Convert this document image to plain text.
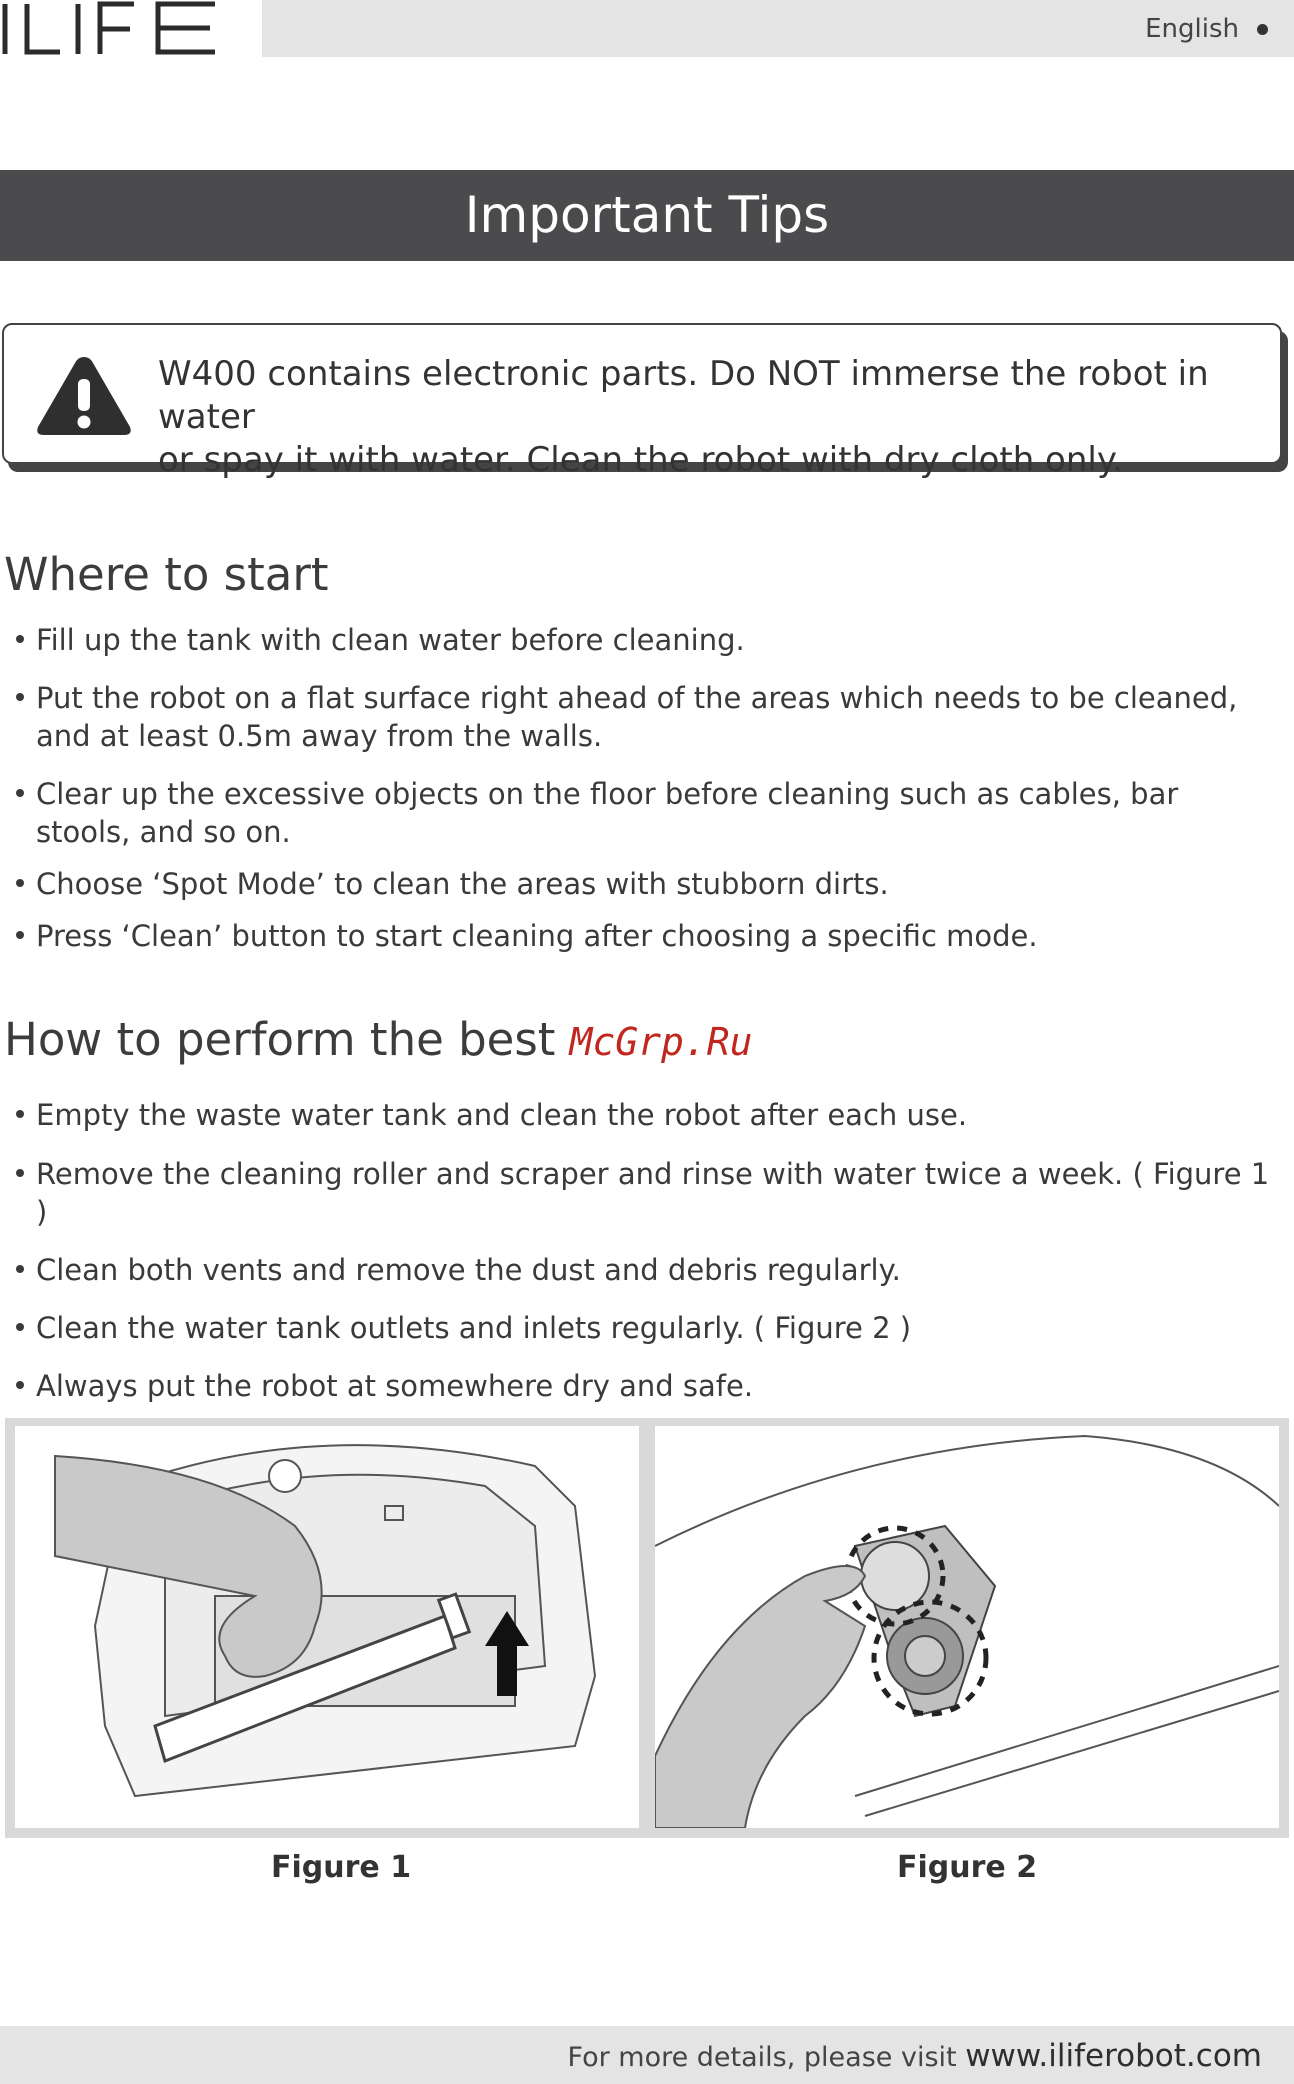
English
Important Tips
W400 contains electronic parts. Do NOT immerse the robot in water
or spay it with water. Clean the robot with dry cloth only.
Where to start
Fill up the tank with clean water before cleaning.
Put the robot on a flat surface right ahead of the areas which needs to be cleaned, and at least 0.5m away from the walls.
Clear up the excessive objects on the floor before cleaning such as cables, bar stools, and so on.
Choose ‘Spot Mode’ to clean the areas with stubborn dirts.
Press ‘Clean’ button to start cleaning after choosing a specific mode.
How to perform the best McGrp.Ru
Empty the waste water tank and clean the robot after each use.
Remove the cleaning roller and scraper and rinse with water twice a week. ( Figure 1 )
Clean both vents and remove the dust and debris regularly.
Clean the water tank outlets and inlets regularly. ( Figure 2 )
Always put the robot at somewhere dry and safe.
Figure 1	Figure 2
For more details, please visit www.iliferobot.com
